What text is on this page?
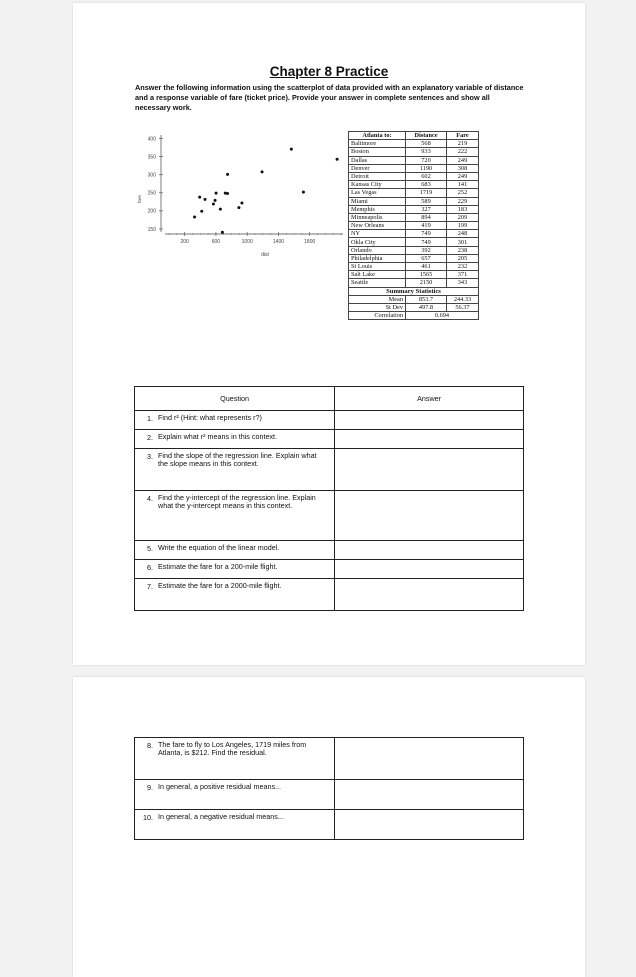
Chapter 8 Practice
Answer the following information using the scatterplot of data provided with an explanatory variable of distance and a response variable of fare (ticket price). Provide your answer in complete sentences and show all necessary work.
150
200
250
300
350
400
200	600	1000	1400	1800
dist
fare
Atlanta to:	Distance	Fare
Baltimore	568	219
Boston	933	222
Dallas	720	249
Denver	1190	308
Detroit	602	249
Kansas City	683	141
Las Vegas	1719	252
Miami	589	229
Memphis	327	183
Minneapolis	894	209
New Orleans	419	199
NY	749	248
Okla City	749	301
Orlando	392	238
Philadelphia	657	205
St Louis	461	232
Salt Lake	1565	371
Seattle	2150	343
Summary Statistics		
Mean	853.7	244.33
St Dev	497.8	56.37
Correlation	0.694	
Question	Answer

1. Find r² (Hint: what represents r?)	

2. Explain what r² means in this context.	

3. Find the slope of the regression line. Explain what the slope means in this context.	

4. Find the y-intercept of the regression line. Explain what the y-intercept means in this context.	

5. Write the equation of the linear model.	

6. Estimate the fare for a 200-mile flight.	

7. Estimate the fare for a 2000-mile flight.	

8. The fare to fly to Los Angeles, 1719 miles from Atlanta, is $212. Find the residual.	

9. In general, a positive residual means...	

10. In general, a negative residual means...	
